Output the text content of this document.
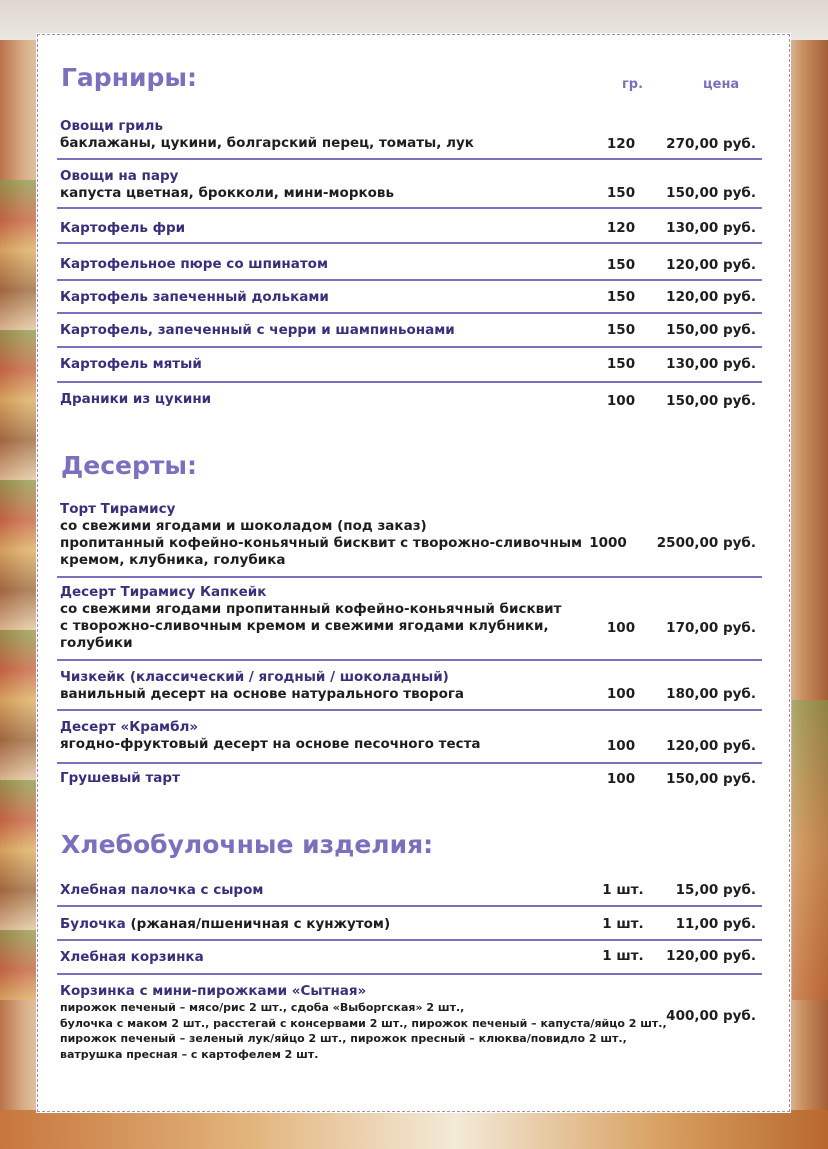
Гарниры:	гр.	цена
Овощи гриль
баклажаны, цукини, болгарский перец, томаты, лук	120	270,00 руб.
Овощи на пару
капуста цветная, брокколи, мини-морковь	150	150,00 руб.
Картофель фри	120	130,00 руб.
Картофельное пюре со шпинатом	150	120,00 руб.
Картофель запеченный дольками	150	120,00 руб.
Картофель, запеченный с черри и шампиньонами	150	150,00 руб.
Картофель мятый	150	130,00 руб.
Драники из цукини	100	150,00 руб.
Десерты:
Торт Тирамису
со свежими ягодами и шоколадом (под заказ)
пропитанный кофейно-коньячный бисквит с творожно-сливочным
кремом, клубника, голубика
1000	2500,00 руб.
Десерт Тирамису Капкейк
со свежими ягодами пропитанный кофейно-коньячный бисквит
с творожно-сливочным кремом и свежими ягодами клубники,
голубики
100	170,00 руб.
Чизкейк (классический / ягодный / шоколадный)
ванильный десерт на основе натурального творога	100	180,00 руб.
Десерт «Крамбл»
ягодно-фруктовый десерт на основе песочного теста	100	120,00 руб.
Грушевый тарт	100	150,00 руб.
Хлебобулочные изделия:
Хлебная палочка с сыром	1 шт.	15,00 руб.
Булочка (ржаная/пшеничная с кунжутом)	1 шт.	11,00 руб.
Хлебная корзинка	1 шт.	120,00 руб.
Корзинка с мини-пирожками «Сытная»
пирожок печеный – мясо/рис 2 шт., сдоба «Выборгская» 2 шт.,
булочка с маком 2 шт., расстегай с консервами 2 шт., пирожок печеный – капуста/яйцо 2 шт.,
пирожок печеный – зеленый лук/яйцо 2 шт., пирожок пресный – клюква/повидло 2 шт.,
ватрушка пресная – с картофелем 2 шт.
400,00 руб.
